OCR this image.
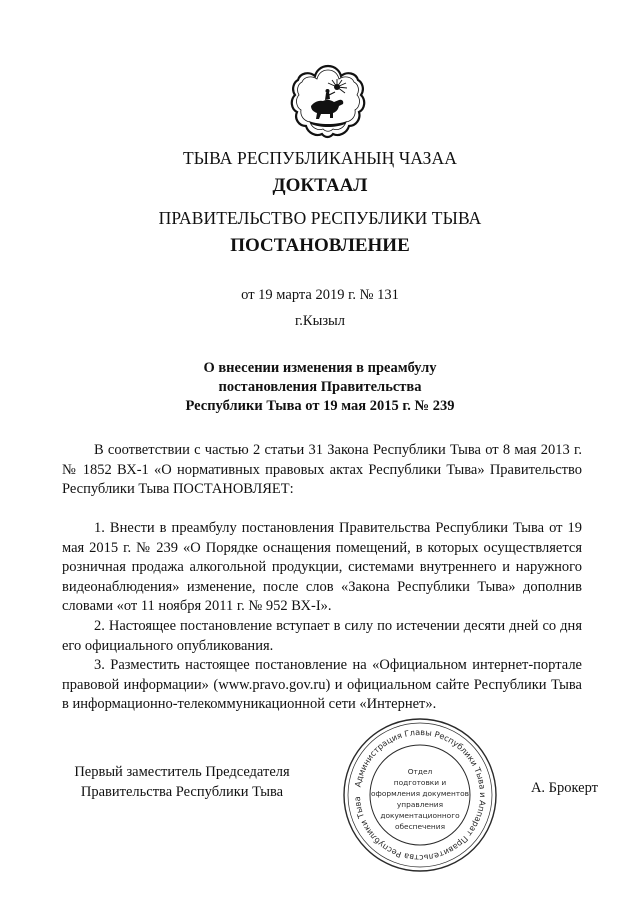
ТЫВА РЕСПУБЛИКАНЫҢ ЧАЗАА
ДОКТААЛ
ПРАВИТЕЛЬСТВО РЕСПУБЛИКИ ТЫВА
ПОСТАНОВЛЕНИЕ
от 19 марта 2019 г. № 131
г.Кызыл
О внесении изменения в преамбулу
постановления Правительства
Республики Тыва от 19 мая 2015 г. № 239

В соответствии с частью 2 статьи 31 Закона Республики Тыва от 8 мая 2013 г. № 1852 ВХ-1 «О нормативных правовых актах Республики Тыва» Правительство Республики Тыва ПОСТАНОВЛЯЕТ:

1. Внести в преамбулу постановления Правительства Республики Тыва от 19 мая 2015 г. № 239 «О Порядке оснащения помещений, в которых осуществляется розничная продажа алкогольной продукции, системами внутреннего и наружного видеонаблюдения» изменение, после слов «Закона Республики Тыва» дополнив словами «от 11 ноября 2011 г. № 952 ВХ-I».

2. Настоящее постановление вступает в силу по истечении десяти дней со дня его официального опубликования.

3. Разместить настоящее постановление на «Официальном интернет-портале правовой информации» (www.pravo.gov.ru) и официальном сайте Республики Тыва в информационно-телекоммуникационной сети «Интернет».

Первый заместитель Председателя
Правительства Республики Тыва	Администрация Главы Республики Тыва и Аппарат Правительства Республики Тыва
Отдел
подготовки и
оформления документов
управления
документационного
обеспечения
А. Брокерт
